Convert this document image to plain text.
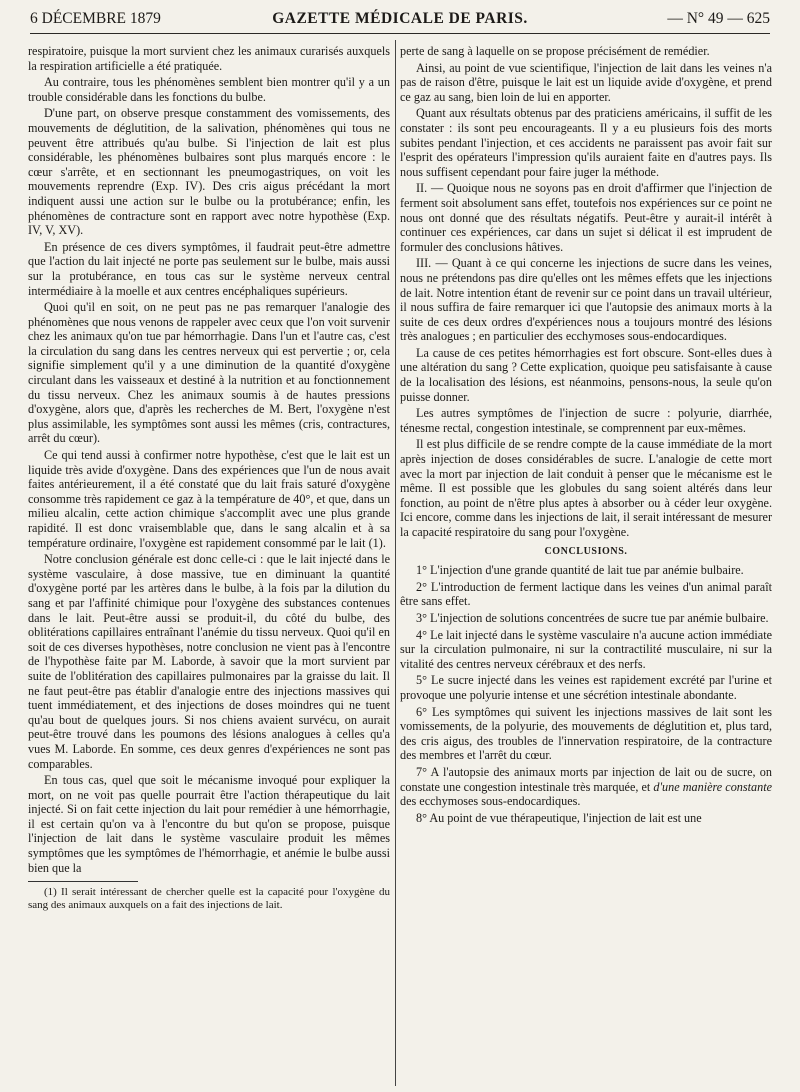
6 DÉCEMBRE 1879	GAZETTE MÉDICALE DE PARIS.	— N° 49 — 625

respiratoire, puisque la mort survient chez les animaux curarisés auxquels la respiration artificielle a été pratiquée.

Au contraire, tous les phénomènes semblent bien montrer qu'il y a un trouble considérable dans les fonctions du bulbe.

D'une part, on observe presque constamment des vomissements, des mouvements de déglutition, de la salivation, phénomènes qui tous ne peuvent être attribués qu'au bulbe. Si l'injection de lait est plus considérable, les phénomènes bulbaires sont plus marqués encore : le cœur s'arrête, et en sectionnant les pneumogastriques, on voit les mouvements reprendre (Exp. IV). Des cris aigus précédant la mort indiquent aussi une action sur le bulbe ou la protubérance; enfin, les phénomènes de contracture sont en rapport avec notre hypothèse (Exp. IV, V, XV).

En présence de ces divers symptômes, il faudrait peut-être admettre que l'action du lait injecté ne porte pas seulement sur le bulbe, mais aussi sur la protubérance, en tous cas sur le système nerveux central intermédiaire à la moelle et aux centres encéphaliques supérieurs.

Quoi qu'il en soit, on ne peut pas ne pas remarquer l'analogie des phénomènes que nous venons de rappeler avec ceux que l'on voit survenir chez les animaux qu'on tue par hémorrhagie. Dans l'un et l'autre cas, c'est la circulation du sang dans les centres nerveux qui est pervertie ; or, cela signifie simplement qu'il y a une diminution de la quantité d'oxygène circulant dans les vaisseaux et destiné à la nutrition et au fonctionnement du tissu nerveux. Chez les animaux soumis à de hautes pressions d'oxygène, alors que, d'après les recherches de M. Bert, l'oxygène n'est plus assimilable, les symptômes sont aussi les mêmes (cris, contractures, arrêt du cœur).

Ce qui tend aussi à confirmer notre hypothèse, c'est que le lait est un liquide très avide d'oxygène. Dans des expériences que l'un de nous avait faites antérieurement, il a été constaté que du lait frais saturé d'oxygène consomme très rapidement ce gaz à la température de 40°, et que, dans un milieu alcalin, cette action chimique s'accomplit avec une plus grande rapidité. Il est donc vraisemblable que, dans le sang alcalin et à sa température ordinaire, l'oxygène est rapidement consommé par le lait (1).

Notre conclusion générale est donc celle-ci : que le lait injecté dans le système vasculaire, à dose massive, tue en diminuant la quantité d'oxygène porté par les artères dans le bulbe, à la fois par la dilution du sang et par l'affinité chimique pour l'oxygène des substances contenues dans le lait. Peut-être aussi se produit-il, du côté du bulbe, des oblitérations capillaires entraînant l'anémie du tissu nerveux. Quoi qu'il en soit de ces diverses hypothèses, notre conclusion ne vient pas à l'encontre de l'hypothèse faite par M. Laborde, à savoir que la mort survient par suite de l'oblitération des capillaires pulmonaires par la graisse du lait. Il ne faut peut-être pas établir d'analogie entre des injections massives qui tuent immédiatement, et des injections de doses moindres qui ne tuent qu'au bout de quelques jours. Si nos chiens avaient survécu, on aurait peut-être trouvé dans les poumons des lésions analogues à celles qu'a vues M. Laborde. En somme, ces deux genres d'expériences ne sont pas comparables.

En tous cas, quel que soit le mécanisme invoqué pour expliquer la mort, on ne voit pas quelle pourrait être l'action thérapeutique du lait injecté. Si on fait cette injection du lait pour remédier à une hémorrhagie, il est certain qu'on va à l'encontre du but qu'on se propose, puisque l'injection de lait dans le système vasculaire produit les mêmes symptômes que les symptômes de l'hémorrhagie, et anémie le bulbe aussi bien que la

(1) Il serait intéressant de chercher quelle est la capacité pour l'oxygène du sang des animaux auxquels on a fait des injections de lait.

perte de sang à laquelle on se propose précisément de remédier.

Ainsi, au point de vue scientifique, l'injection de lait dans les veines n'a pas de raison d'être, puisque le lait est un liquide avide d'oxygène, et prend ce gaz au sang, bien loin de lui en apporter.

Quant aux résultats obtenus par des praticiens américains, il suffit de les constater : ils sont peu encourageants. Il y a eu plusieurs fois des morts subites pendant l'injection, et ces accidents ne paraissent pas avoir fait sur l'esprit des opérateurs l'impression qu'ils auraient faite en d'autres pays. Ils nous suffisent cependant pour faire juger la méthode.

II. — Quoique nous ne soyons pas en droit d'affirmer que l'injection de ferment soit absolument sans effet, toutefois nos expériences sur ce point ne nous ont donné que des résultats négatifs. Peut-être y aurait-il intérêt à continuer ces expériences, car dans un sujet si délicat il est imprudent de formuler des conclusions hâtives.

III. — Quant à ce qui concerne les injections de sucre dans les veines, nous ne prétendons pas dire qu'elles ont les mêmes effets que les injections de lait. Notre intention étant de revenir sur ce point dans un travail ultérieur, il nous suffira de faire remarquer ici que l'autopsie des animaux morts à la suite de ces deux ordres d'expériences nous a toujours montré des lésions très analogues ; en particulier des ecchymoses sous-endocardiques.

La cause de ces petites hémorrhagies est fort obscure. Sont-elles dues à une altération du sang ? Cette explication, quoique peu satisfaisante à cause de la localisation des lésions, est néanmoins, pensons-nous, la seule qu'on puisse donner.

Les autres symptômes de l'injection de sucre : polyurie, diarrhée, ténesme rectal, congestion intestinale, se comprennent par eux-mêmes.

Il est plus difficile de se rendre compte de la cause immédiate de la mort après injection de doses considérables de sucre. L'analogie de cette mort avec la mort par injection de lait conduit à penser que le mécanisme est le même. Il est possible que les globules du sang soient altérés dans leur fonction, au point de n'être plus aptes à absorber ou à céder leur oxygène. Ici encore, comme dans les injections de lait, il serait intéressant de mesurer la capacité respiratoire du sang pour l'oxygène.

CONCLUSIONS.

1° L'injection d'une grande quantité de lait tue par anémie bulbaire.

2° L'introduction de ferment lactique dans les veines d'un animal paraît être sans effet.

3° L'injection de solutions concentrées de sucre tue par anémie bulbaire.

4° Le lait injecté dans le système vasculaire n'a aucune action immédiate sur la circulation pulmonaire, ni sur la contractilité musculaire, ni sur la vitalité des centres nerveux cérébraux et des nerfs.

5° Le sucre injecté dans les veines est rapidement excrété par l'urine et provoque une polyurie intense et une sécrétion intestinale abondante.

6° Les symptômes qui suivent les injections massives de lait sont les vomissements, de la polyurie, des mouvements de déglutition et, plus tard, des cris aigus, des troubles de l'innervation respiratoire, de la contracture des membres et l'arrêt du cœur.

7° A l'autopsie des animaux morts par injection de lait ou de sucre, on constate une congestion intestinale très marquée, et d'une manière constante des ecchymoses sous-endocardiques.

8° Au point de vue thérapeutique, l'injection de lait est une
